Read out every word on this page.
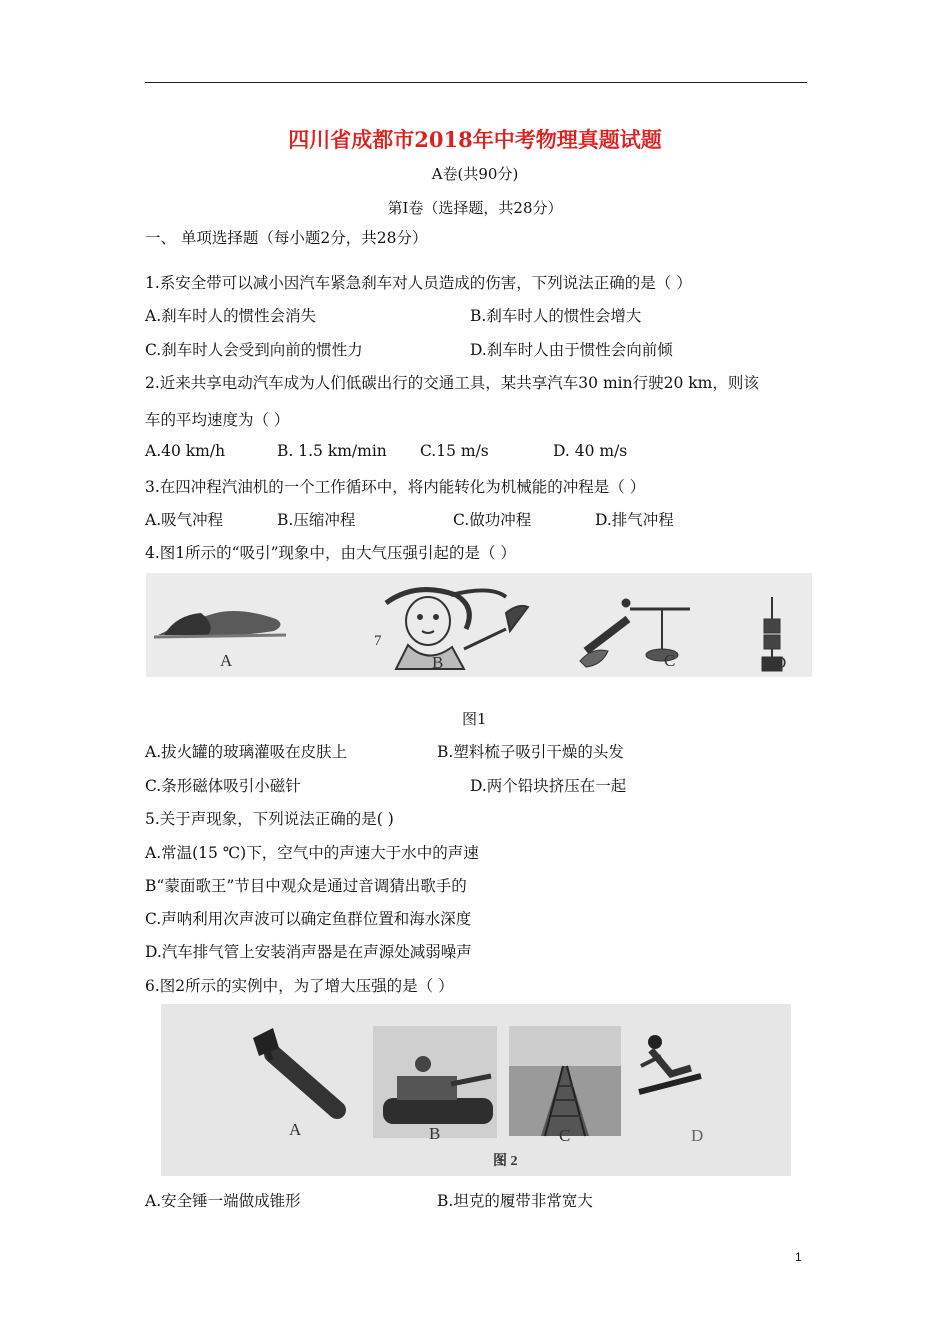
四川省成都市2018年中考物理真题试题
A卷(共90分)
第Ⅰ卷（选择题，共28分）
一、 单项选择题（每小题2分，共28分）
1.系安全带可以减小因汽车紧急刹车对人员造成的伤害，下列说法正确的是（ ）
A.刹车时人的惯性会消失	B.刹车时人的惯性会增大
C.刹车时人会受到向前的惯性力	D.刹车时人由于惯性会向前倾
2.近来共享电动汽车成为人们低碳出行的交通工具，某共享汽车30 min行驶20 km，则该
车的平均速度为（ ）
A.40 km/h	B. 1.5 km/min C.15 m/s	D. 40 m/s
3.在四冲程汽油机的一个工作循环中，将内能转化为机械能的冲程是（ ）
A.吸气冲程	B.压缩冲程	C.做功冲程	D.排气冲程
4.图1所示的“吸引”现象中，由大气压强引起的是（ ）
A
7
B	C	D
图1
A.拔火罐的玻璃灌吸在皮肤上	B.塑料梳子吸引干燥的头发
C.条形磁体吸引小磁针	D.两个铅块挤压在一起
5.关于声现象，下列说法正确的是( )
A.常温(15 ℃)下，空气中的声速大于水中的声速
B“蒙面歌王”节目中观众是通过音调猜出歌手的
C.声呐利用次声波可以确定鱼群位置和海水深度
D.汽车排气管上安装消声器是在声源处减弱噪声
6.图2所示的实例中，为了增大压强的是（ ）
A	B	C	D
图 2
A.安全锤一端做成锥形	B.坦克的履带非常宽大
1
